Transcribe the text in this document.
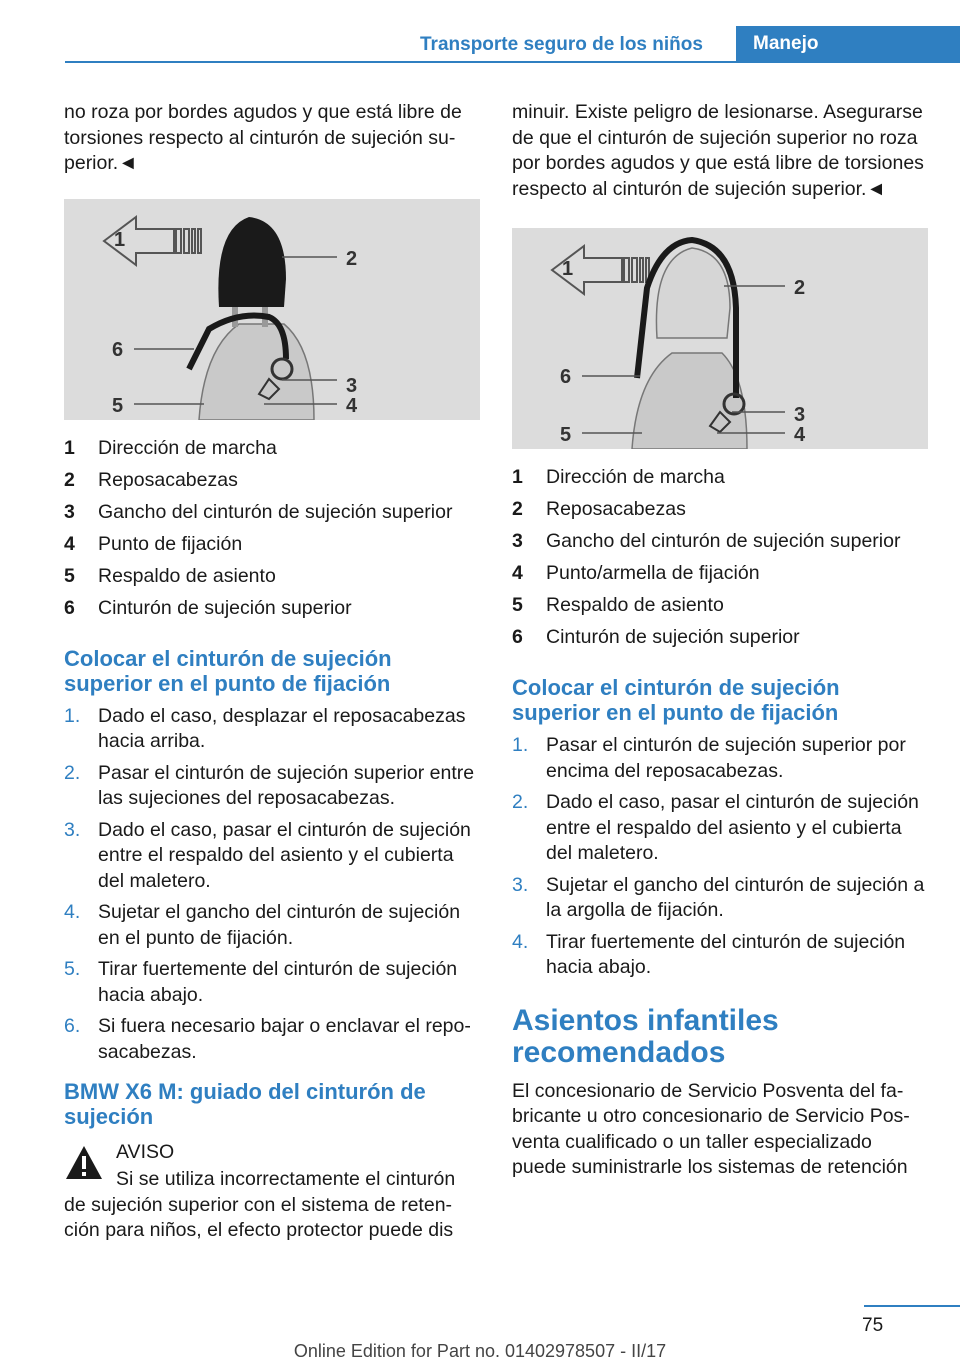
Transporte seguro de los niños	Manejo

no roza por bordes agudos y que está libre de torsiones respecto al cinturón de sujeción superior.◄

1
2
3
4
5
6
1	Dirección de marcha
2	Reposacabezas
3	Gancho del cinturón de sujeción superior
4	Punto de fijación
5	Respaldo de asiento
6	Cinturón de sujeción superior
Colocar el cinturón de sujeción superior en el punto de fijación
1. Dado el caso, desplazar el reposacabezas hacia arriba.
2. Pasar el cinturón de sujeción superior entre las sujeciones del reposacabezas.
3. Dado el caso, pasar el cinturón de sujeción entre el respaldo del asiento y el cubierta del maletero.
4. Sujetar el gancho del cinturón de sujeción en el punto de fijación.
5. Tirar fuertemente del cinturón de sujeción hacia abajo.
6. Si fuera necesario bajar o enclavar el reposacabezas.
BMW X6 M: guiado del cinturón de sujeción
AVISO
Si se utiliza incorrectamente el cinturón

de sujeción superior con el sistema de retención para niños, el efecto protector puede dis

minuir. Existe peligro de lesionarse. Asegurarse de que el cinturón de sujeción superior no roza por bordes agudos y que está libre de torsiones respecto al cinturón de sujeción superior.◄

1
2
3
4
5
6
1	Dirección de marcha
2	Reposacabezas
3	Gancho del cinturón de sujeción superior
4	Punto/armella de fijación
5	Respaldo de asiento
6	Cinturón de sujeción superior
Colocar el cinturón de sujeción superior en el punto de fijación
1. Pasar el cinturón de sujeción superior por encima del reposacabezas.
2. Dado el caso, pasar el cinturón de sujeción entre el respaldo del asiento y el cubierta del maletero.
3. Sujetar el gancho del cinturón de sujeción a la argolla de fijación.
4. Tirar fuertemente del cinturón de sujeción hacia abajo.
Asientos infantiles recomendados

El concesionario de Servicio Posventa del fabricante u otro concesionario de Servicio Posventa cualificado o un taller especializado puede suministrarle los sistemas de retención

75
Online Edition for Part no. 01402978507 - II/17
